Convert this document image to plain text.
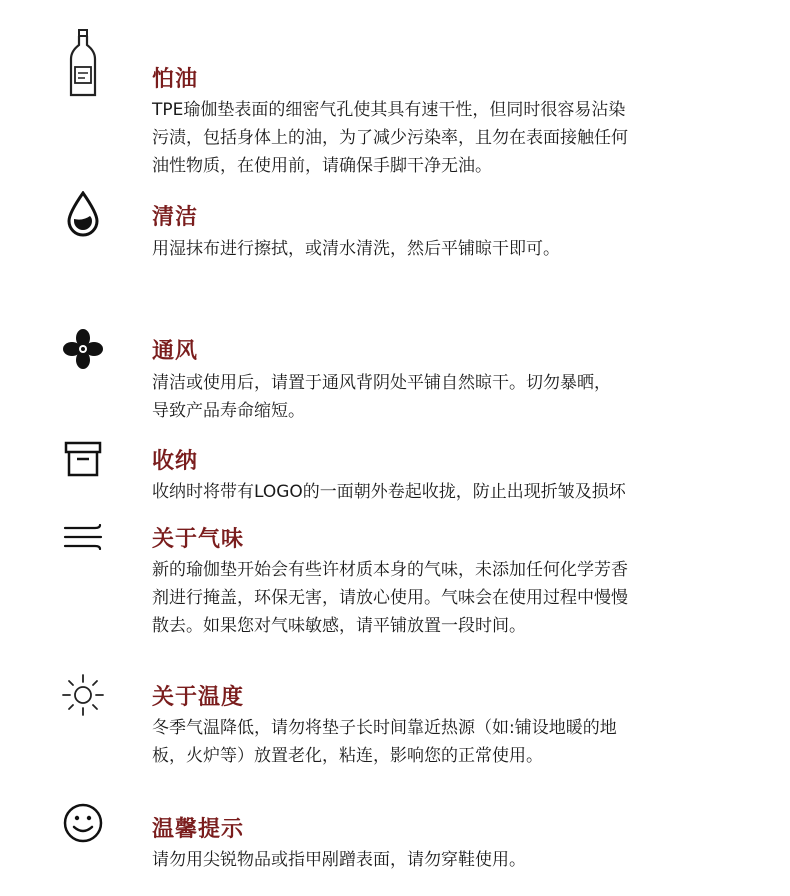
怕油
TPE瑜伽垫表面的细密气孔使其具有速干性，但同时很容易沾染
污渍，包括身体上的油，为了减少污染率，且勿在表面接触任何
油性物质，在使用前，请确保手脚干净无油。
清洁
用湿抹布进行擦拭，或清水清洗，然后平铺晾干即可。
通风
清洁或使用后，请置于通风背阴处平铺自然晾干。切勿暴晒，
导致产品寿命缩短。
收纳
收纳时将带有LOGO的一面朝外卷起收拢，防止出现折皱及损坏
关于气味
新的瑜伽垫开始会有些许材质本身的气味，未添加任何化学芳香
剂进行掩盖，环保无害，请放心使用。气味会在使用过程中慢慢
散去。如果您对气味敏感，请平铺放置一段时间。
关于温度
冬季气温降低，请勿将垫子长时间靠近热源（如:铺设地暖的地
板，火炉等）放置老化，粘连，影响您的正常使用。
温馨提示
请勿用尖锐物品或指甲剐蹭表面，请勿穿鞋使用。
